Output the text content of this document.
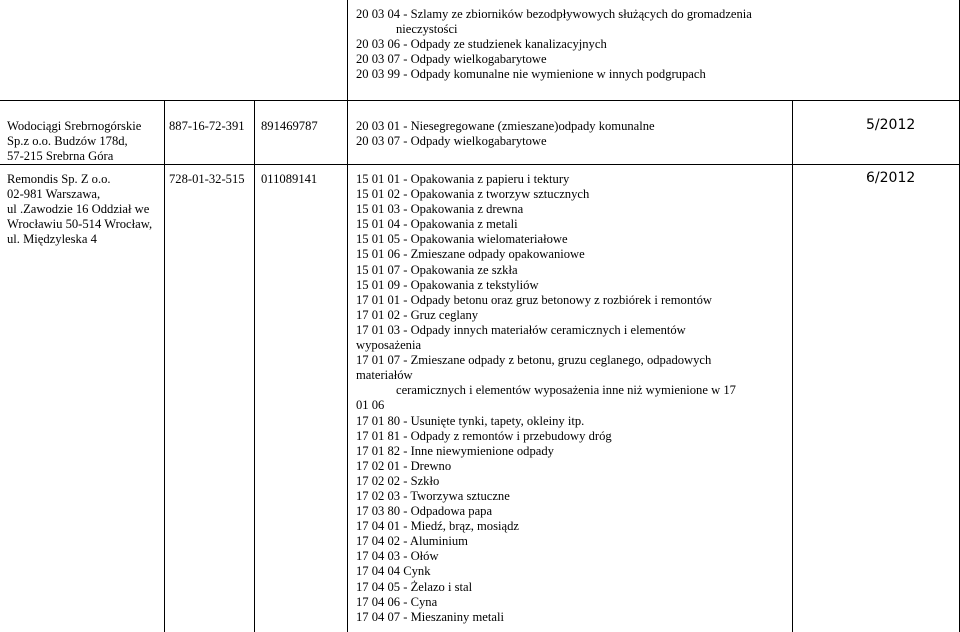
20 03 04 - Szlamy ze zbiorników bezodpływowych służących do gromadzenia
nieczystości
20 03 06 - Odpady ze studzienek kanalizacyjnych
20 03 07 - Odpady wielkogabarytowe
20 03 99 - Odpady komunalne nie wymienione w innych podgrupach
Wodociągi Srebrnogórskie
Sp.z o.o. Budzów 178d,
57-215 Srebrna Góra
887-16-72-391 891469787	20 03 01 - Niesegregowane (zmieszane)odpady komunalne
20 03 07 - Odpady wielkogabarytowe
5/2012
Remondis Sp. Z o.o.
02-981 Warszawa,
ul .Zawodzie 16 Oddział we
Wrocławiu 50-514 Wrocław,
ul. Międzyleska 4
728-01-32-515 011089141	15 01 01 - Opakowania z papieru i tektury
15 01 02 - Opakowania z tworzyw sztucznych
15 01 03 - Opakowania z drewna
15 01 04 - Opakowania z metali
15 01 05 - Opakowania wielomateriałowe
15 01 06 - Zmieszane odpady opakowaniowe
15 01 07 - Opakowania ze szkła
15 01 09 - Opakowania z tekstyliów
17 01 01 - Odpady betonu oraz gruz betonowy z rozbiórek i remontów
17 01 02 - Gruz ceglany
17 01 03 - Odpady innych materiałów ceramicznych i elementów
wyposażenia
17 01 07 - Zmieszane odpady z betonu, gruzu ceglanego, odpadowych
materiałów
ceramicznych i elementów wyposażenia inne niż wymienione w 17
01 06
17 01 80 - Usunięte tynki, tapety, okleiny itp.
17 01 81 - Odpady z remontów i przebudowy dróg
17 01 82 - Inne niewymienione odpady
17 02 01 - Drewno
17 02 02 - Szkło
17 02 03 - Tworzywa sztuczne
17 03 80 - Odpadowa papa
17 04 01 - Miedź, brąz, mosiądz
17 04 02 - Aluminium
17 04 03 - Ołów
17 04 04 Cynk
17 04 05 - Żelazo i stal
17 04 06 - Cyna
17 04 07 - Mieszaniny metali
6/2012
